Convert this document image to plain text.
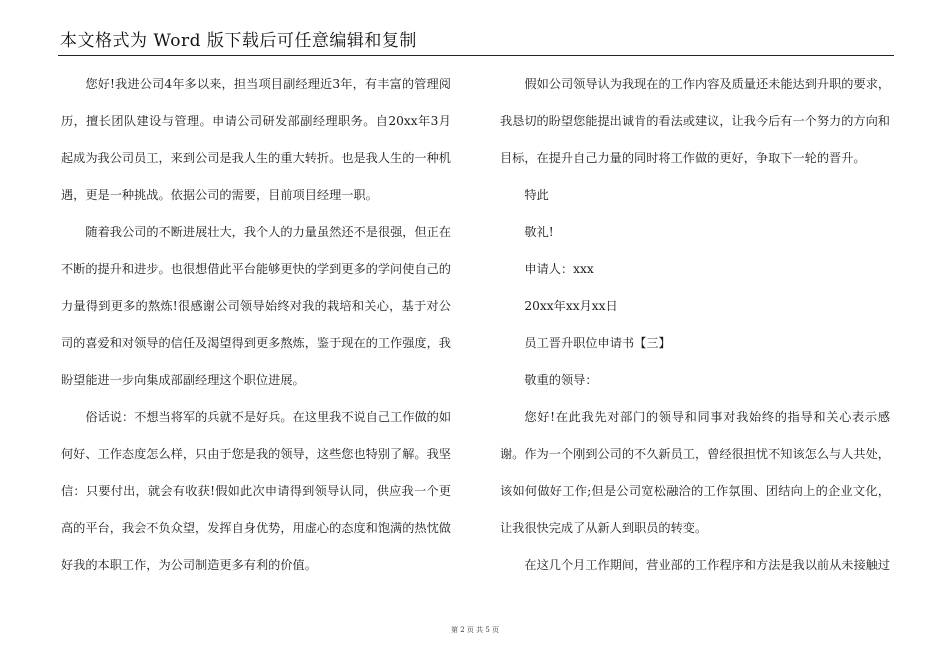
本文格式为 Word 版下载后可任意编辑和复制

您好!我进公司4年多以来，担当项目副经理近3年，有丰富的管理阅历，擅长团队建设与管理。申请公司研发部副经理职务。自20xx年3月起成为我公司员工，来到公司是我人生的重大转折。也是我人生的一种机遇，更是一种挑战。依据公司的需要，目前项目经理一职。

随着我公司的不断进展壮大，我个人的力量虽然还不是很强，但正在不断的提升和进步。也很想借此平台能够更快的学到更多的学问使自己的力量得到更多的熬炼!很感谢公司领导始终对我的栽培和关心，基于对公司的喜爱和对领导的信任及渴望得到更多熬炼，鉴于现在的工作强度，我盼望能进一步向集成部副经理这个职位进展。

俗话说：不想当将军的兵就不是好兵。在这里我不说自己工作做的如何好、工作态度怎么样，只由于您是我的领导，这些您也特别了解。我坚信：只要付出，就会有收获!假如此次申请得到领导认同，供应我一个更高的平台，我会不负众望，发挥自身优势，用虚心的态度和饱满的热忱做好我的本职工作，为公司制造更多有利的价值。

假如公司领导认为我现在的工作内容及质量还未能达到升职的要求，我恳切的盼望您能提出诚肯的看法或建议，让我今后有一个努力的方向和目标，在提升自己力量的同时将工作做的更好，争取下一轮的晋升。

特此

敬礼!

申请人：xxx

20xx年xx月xx日

员工晋升职位申请书【三】

敬重的领导：

您好!在此我先对部门的领导和同事对我始终的指导和关心表示感谢。作为一个刚到公司的不久新员工，曾经很担忧不知该怎么与人共处，该如何做好工作;但是公司宽松融洽的工作氛围、团结向上的企业文化，让我很快完成了从新人到职员的转变。

在这几个月工作期间，营业部的工作程序和方法是我以前从未接触过

第 2 页 共 5 页
